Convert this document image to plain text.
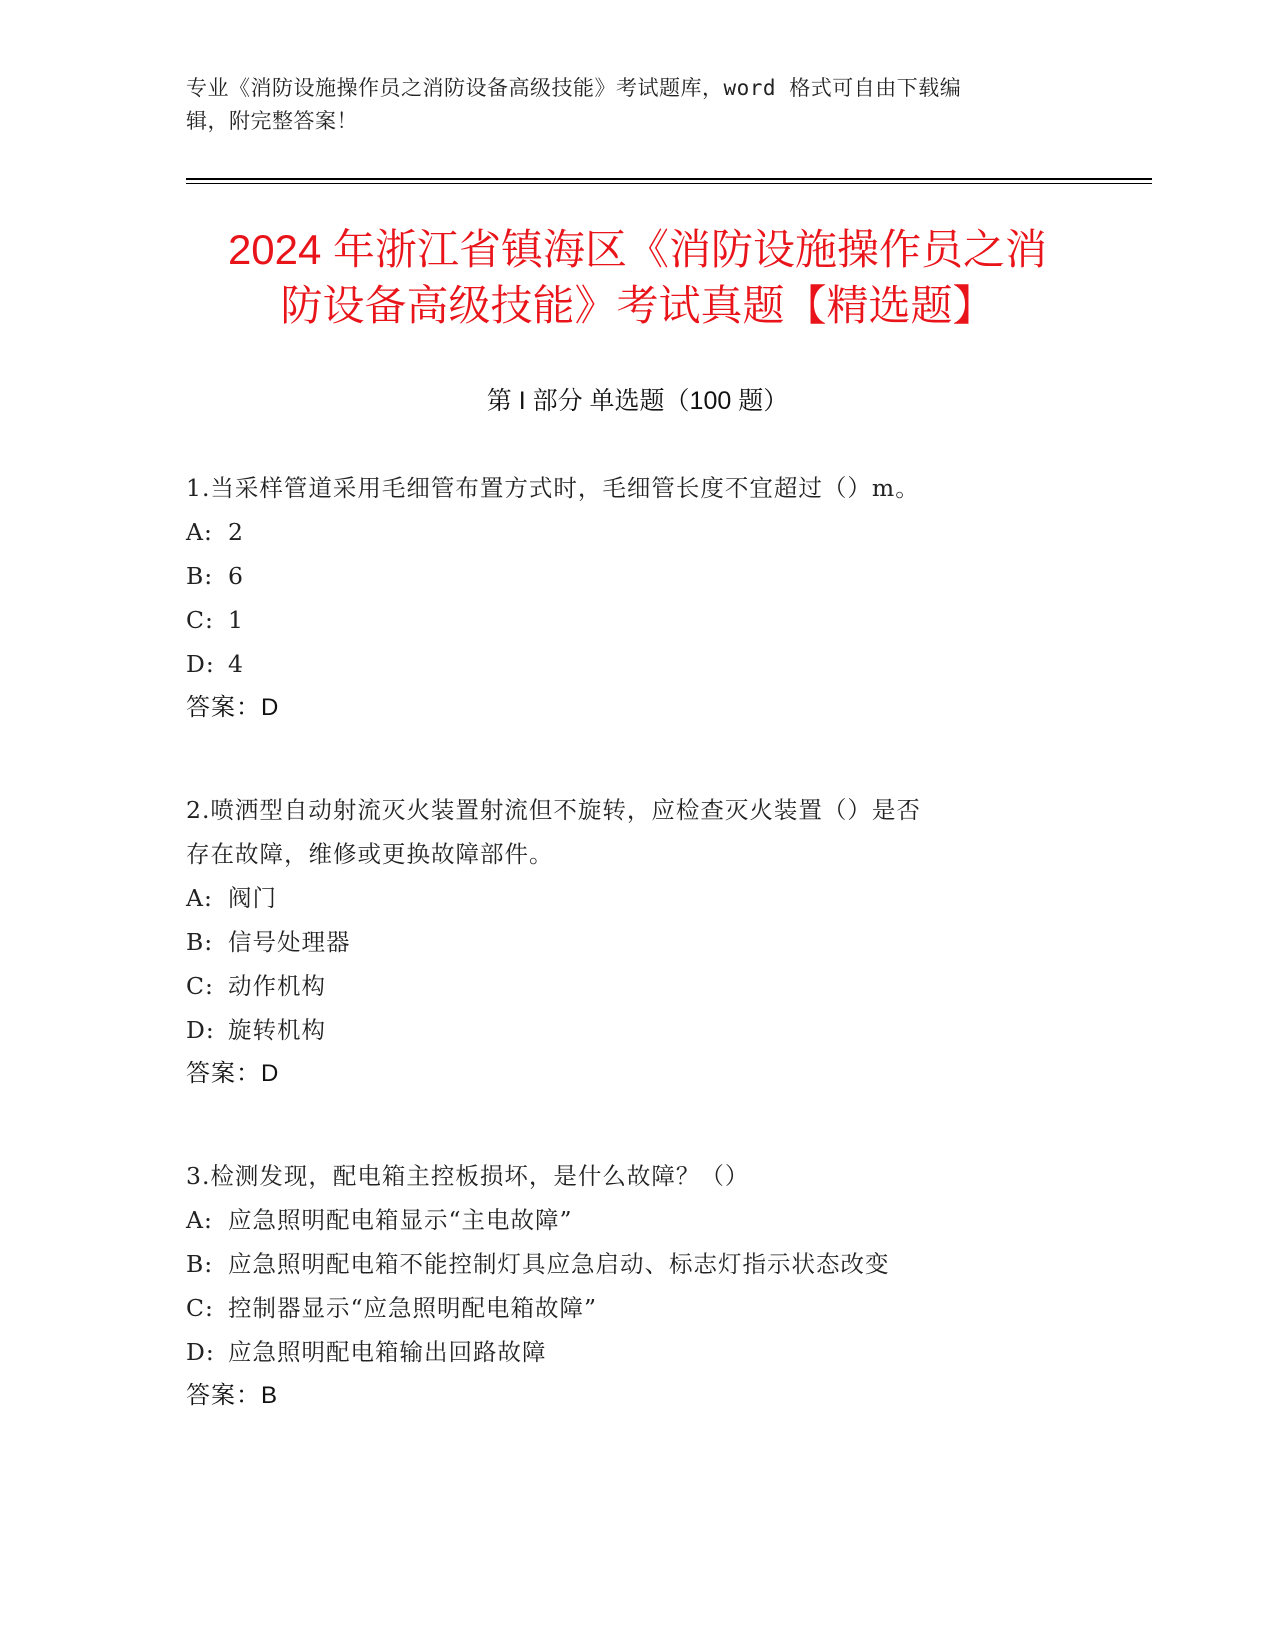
专业《消防设施操作员之消防设备高级技能》考试题库，word 格式可自由下载编
辑，附完整答案！
2024 年浙江省镇海区《消防设施操作员之消
防设备高级技能》考试真题【精选题】
第 I 部分 单选题（100 题）

1.当采样管道采用毛细管布置方式时，毛细管长度不宜超过（）m。

A: 2

B: 6

C: 1

D: 4

答案：D

2.喷洒型自动射流灭火装置射流但不旋转，应检查灭火装置（）是否

存在故障，维修或更换故障部件。

A: 阀门

B: 信号处理器

C: 动作机构

D: 旋转机构

答案：D

3.检测发现，配电箱主控板损坏，是什么故障？（）

A: 应急照明配电箱显示“主电故障”

B: 应急照明配电箱不能控制灯具应急启动、标志灯指示状态改变

C: 控制器显示“应急照明配电箱故障”

D: 应急照明配电箱输出回路故障

答案：B
